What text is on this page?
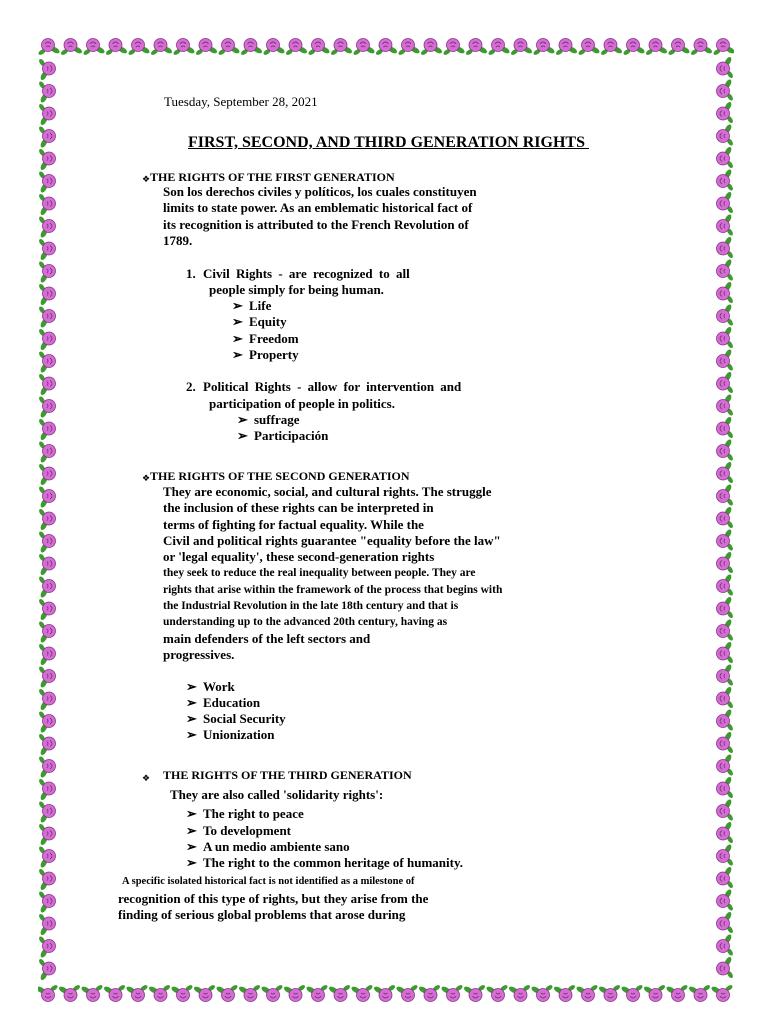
Tuesday, September 28, 2021
FIRST, SECOND, AND THIRD GENERATION RIGHTS
❖ THE RIGHTS OF THE FIRST GENERATION
Son los derechos civiles y políticos, los cuales constituyen
limits to state power. As an emblematic historical fact of
its recognition is attributed to the French Revolution of
1789.
1. Civil Rights - are recognized to all
people simply for being human.
➢ Life
➢ Equity
➢ Freedom
➢ Property
2. Political Rights - allow for intervention and
participation of people in politics.
➢ suffrage
➢ Participación
❖ THE RIGHTS OF THE SECOND GENERATION
They are economic, social, and cultural rights. The struggle
the inclusion of these rights can be interpreted in
terms of fighting for factual equality. While the
Civil and political rights guarantee "equality before the law"
or 'legal equality', these second-generation rights
they seek to reduce the real inequality between people. They are
rights that arise within the framework of the process that begins with
the Industrial Revolution in the late 18th century and that is
understanding up to the advanced 20th century, having as
main defenders of the left sectors and
progressives.
➢ Work
➢ Education
➢ Social Security
➢ Unionization
❖ THE RIGHTS OF THE THIRD GENERATION
They are also called 'solidarity rights':
➢ The right to peace
➢ To development
➢ A un medio ambiente sano
➢ The right to the common heritage of humanity.
A specific isolated historical fact is not identified as a milestone of
recognition of this type of rights, but they arise from the
finding of serious global problems that arose during
